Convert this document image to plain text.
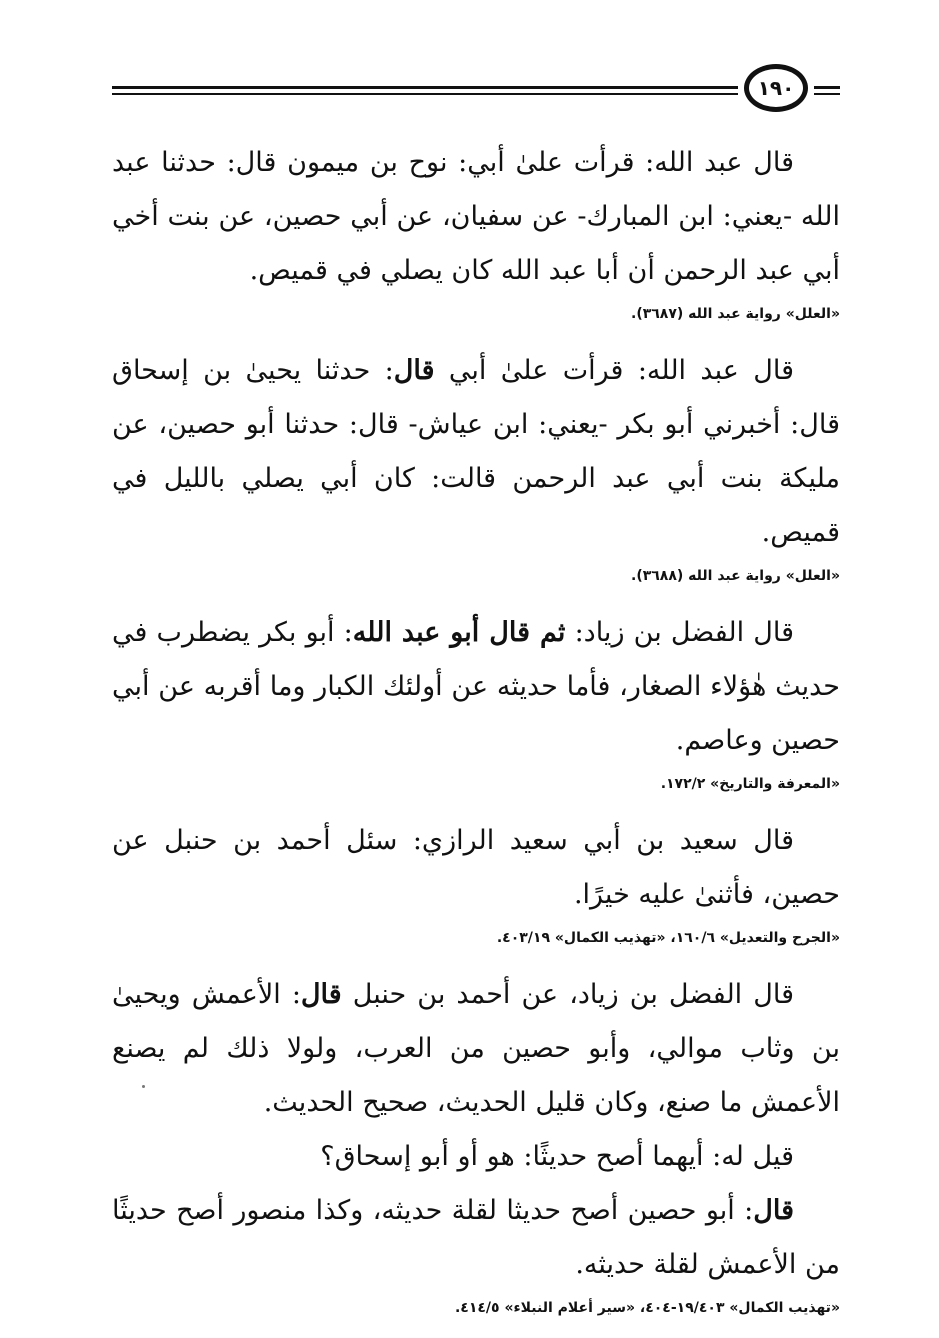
١٩٠

قال عبد الله: قرأت علىٰ أبي: نوح بن ميمون قال: حدثنا عبد الله -يعني: ابن المبارك- عن سفيان، عن أبي حصين، عن بنت أخي أبي عبد الرحمن أن أبا عبد الله كان يصلي في قميص.

«العلل» رواية عبد الله (٣٦٨٧).

قال عبد الله: قرأت علىٰ أبي قال: حدثنا يحيىٰ بن إسحاق قال: أخبرني أبو بكر -يعني: ابن عياش- قال: حدثنا أبو حصين، عن مليكة بنت أبي عبد الرحمن قالت: كان أبي يصلي بالليل في قميص.

«العلل» رواية عبد الله (٣٦٨٨).

قال الفضل بن زياد: ثم قال أبو عبد الله: أبو بكر يضطرب في حديث هٰؤلاء الصغار، فأما حديثه عن أولئك الكبار وما أقربه عن أبي حصين وعاصم.

«المعرفة والتاريخ» ١٧٢/٢.

قال سعيد بن أبي سعيد الرازي: سئل أحمد بن حنبل عن حصين، فأثنىٰ عليه خيرًا.

«الجرح والتعديل» ١٦٠/٦، «تهذيب الكمال» ٤٠٣/١٩.

قال الفضل بن زياد، عن أحمد بن حنبل قال: الأعمش ويحيىٰ بن وثاب موالي، وأبو حصين من العرب، ولولا ذلك لم يصنع الأعمش ما صنع، وكان قليل الحديث، صحيح الحديث.

قيل له: أيهما أصح حديثًا: هو أو أبو إسحاق؟

قال: أبو حصين أصح حديثا لقلة حديثه، وكذا منصور أصح حديثًا من الأعمش لقلة حديثه.

«تهذيب الكمال» ١٩/٤٠٣-٤٠٤، «سير أعلام النبلاء» ٤١٤/٥.
